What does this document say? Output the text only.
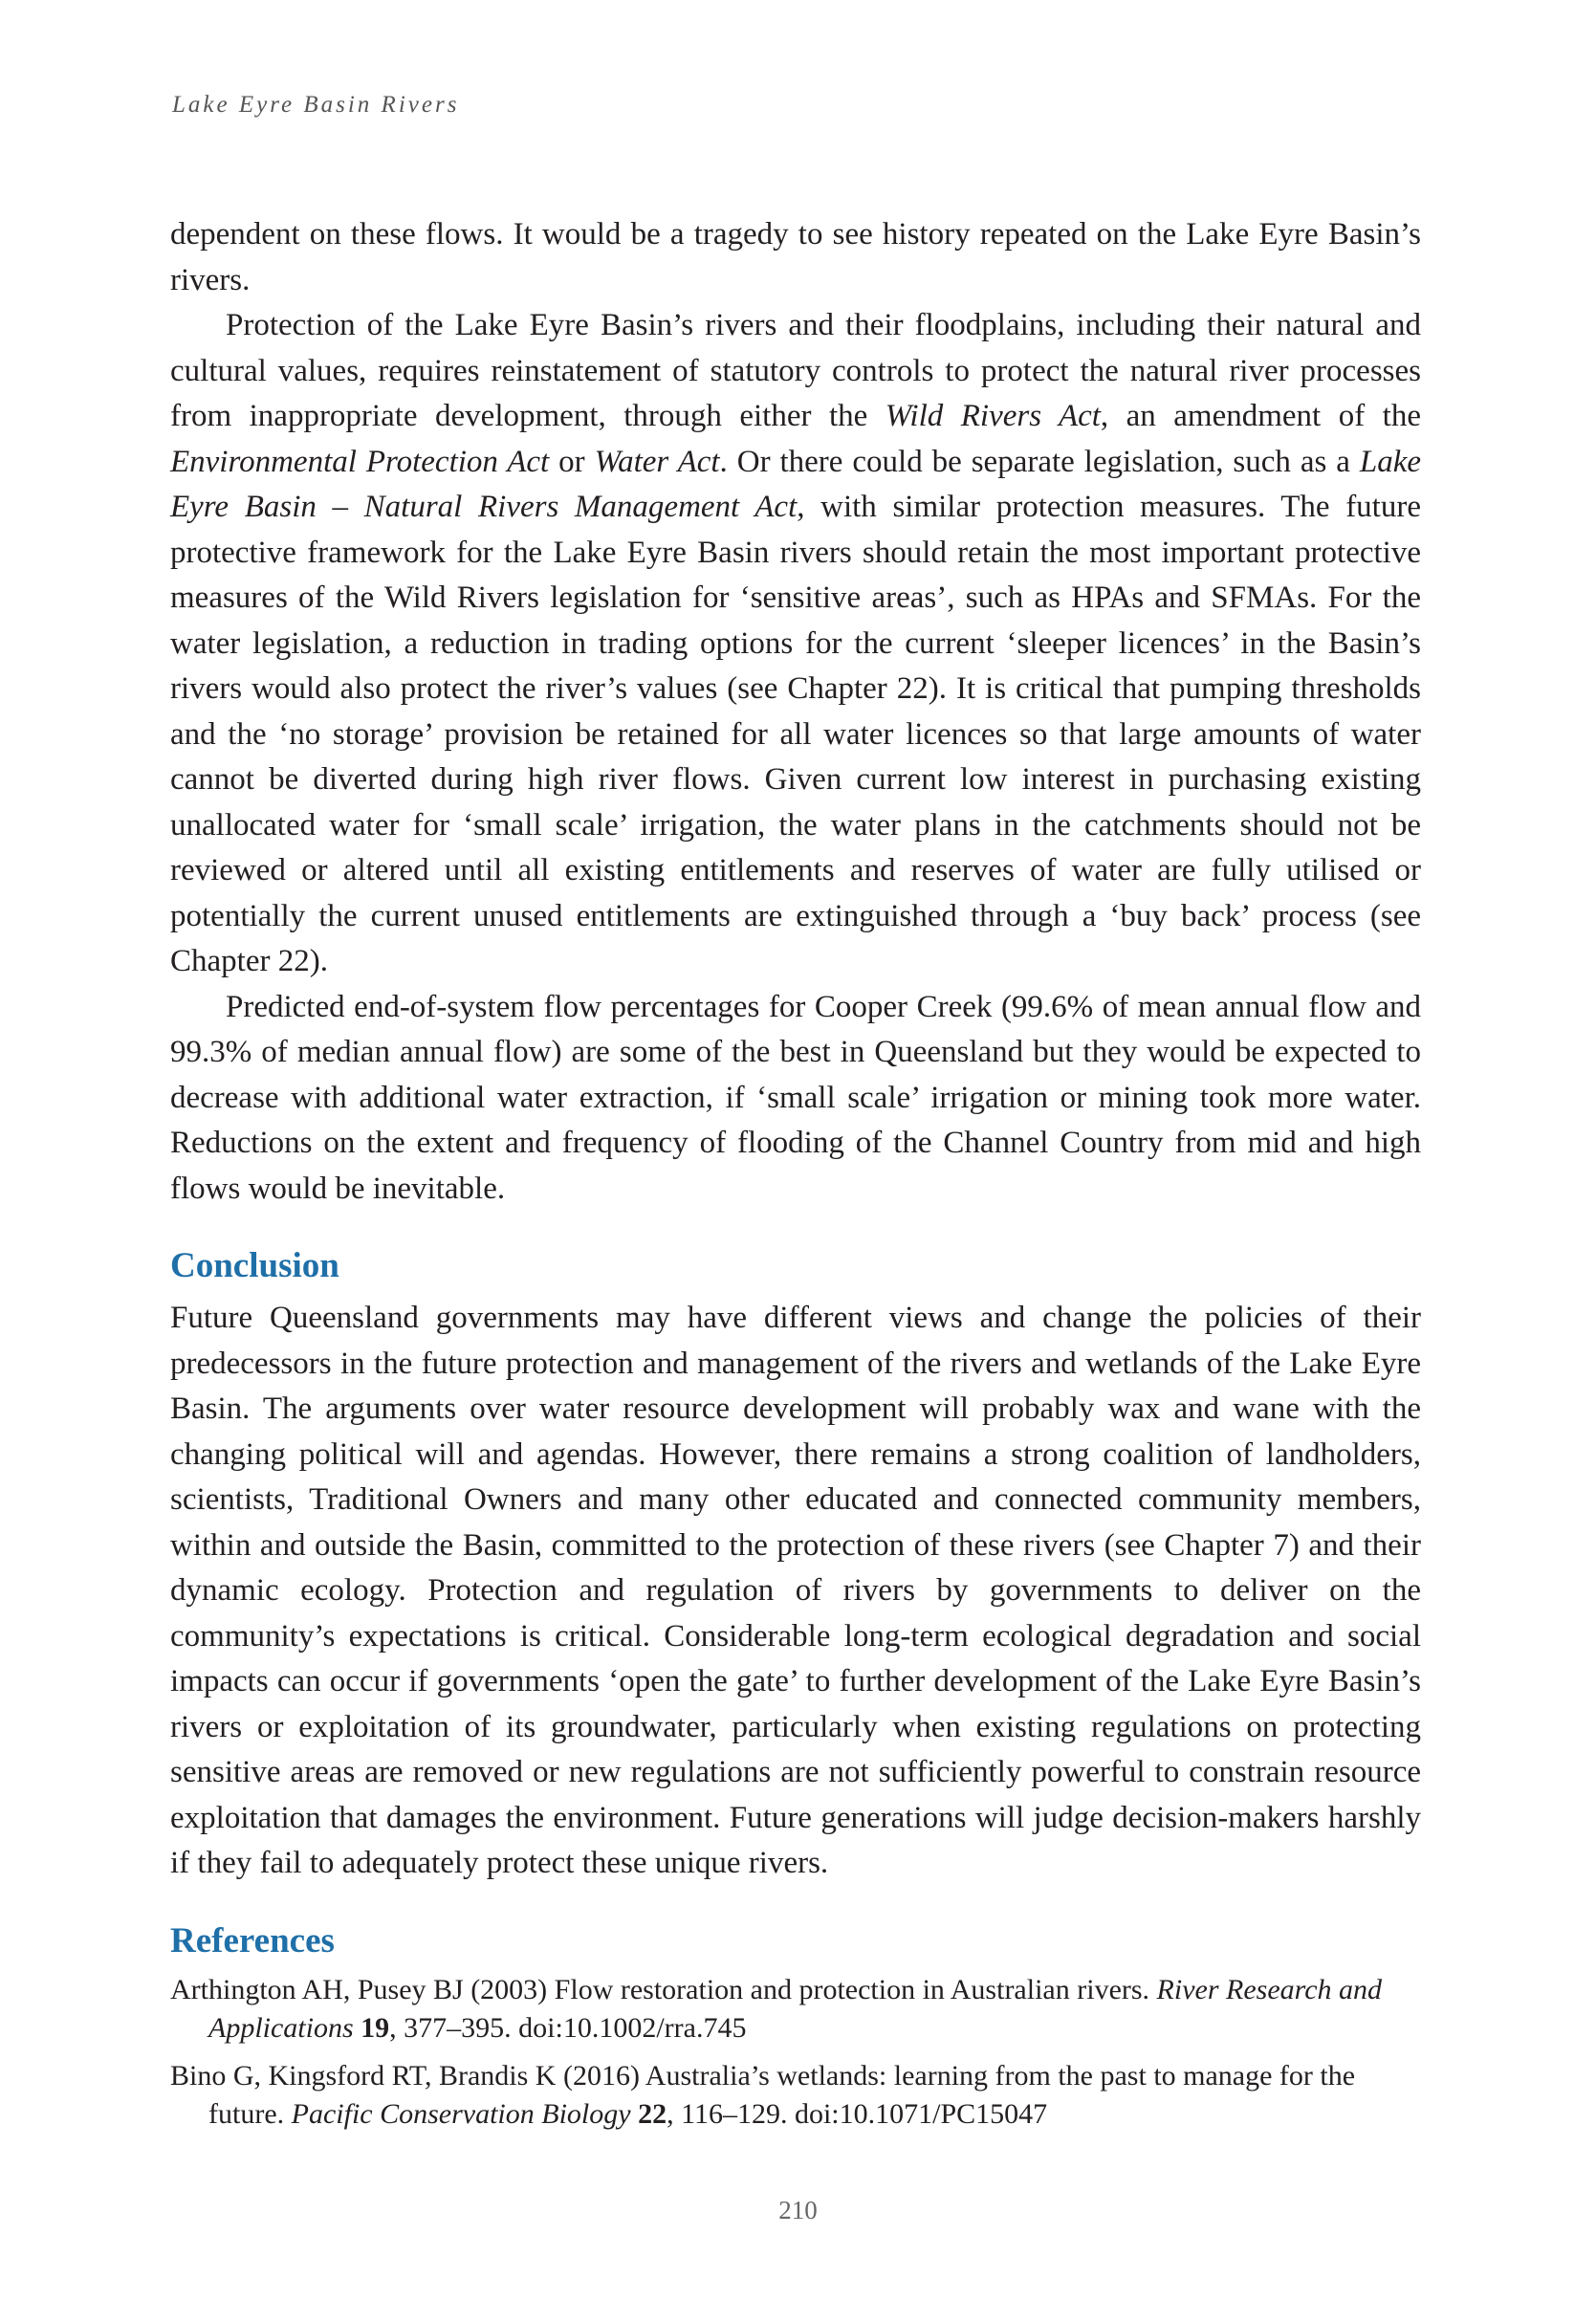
Lake Eyre Basin Rivers

dependent on these flows. It would be a tragedy to see history repeated on the Lake Eyre Basin’s rivers.

Protection of the Lake Eyre Basin’s rivers and their floodplains, including their natural and cultural values, requires reinstatement of statutory controls to protect the natural river processes from inappropriate development, through either the Wild Rivers Act, an amendment of the Environmental Protection Act or Water Act. Or there could be separate legislation, such as a Lake Eyre Basin – Natural Rivers Management Act, with similar protection measures. The future protective framework for the Lake Eyre Basin rivers should retain the most important protective measures of the Wild Rivers legislation for ‘sensitive areas’, such as HPAs and SFMAs. For the water legislation, a reduction in trading options for the current ‘sleeper licences’ in the Basin’s rivers would also protect the river’s values (see Chapter 22). It is critical that pumping thresholds and the ‘no storage’ provision be retained for all water licences so that large amounts of water cannot be diverted during high river flows. Given current low interest in purchasing existing unallocated water for ‘small scale’ irrigation, the water plans in the catchments should not be reviewed or altered until all existing entitlements and reserves of water are fully utilised or potentially the current unused entitlements are extinguished through a ‘buy back’ process (see Chapter 22).

Predicted end-of-system flow percentages for Cooper Creek (99.6% of mean annual flow and 99.3% of median annual flow) are some of the best in Queensland but they would be expected to decrease with additional water extraction, if ‘small scale’ irrigation or mining took more water. Reductions on the extent and frequency of flooding of the Channel Country from mid and high flows would be inevitable.

Conclusion

Future Queensland governments may have different views and change the policies of their predecessors in the future protection and management of the rivers and wetlands of the Lake Eyre Basin. The arguments over water resource development will probably wax and wane with the changing political will and agendas. However, there remains a strong coalition of landholders, scientists, Traditional Owners and many other educated and connected community members, within and outside the Basin, committed to the protection of these rivers (see Chapter 7) and their dynamic ecology. Protection and regulation of rivers by governments to deliver on the community’s expectations is critical. Considerable long-term ecological degradation and social impacts can occur if governments ‘open the gate’ to further development of the Lake Eyre Basin’s rivers or exploitation of its groundwater, particularly when existing regulations on protecting sensitive areas are removed or new regulations are not sufficiently powerful to constrain resource exploitation that damages the environment. Future generations will judge decision-makers harshly if they fail to adequately protect these unique rivers.

References
Arthington AH, Pusey BJ (2003) Flow restoration and protection in Australian rivers. River Research and Applications 19, 377–395. doi:10.1002/rra.745
Bino G, Kingsford RT, Brandis K (2016) Australia’s wetlands: learning from the past to manage for the future. Pacific Conservation Biology 22, 116–129. doi:10.1071/PC15047
210
